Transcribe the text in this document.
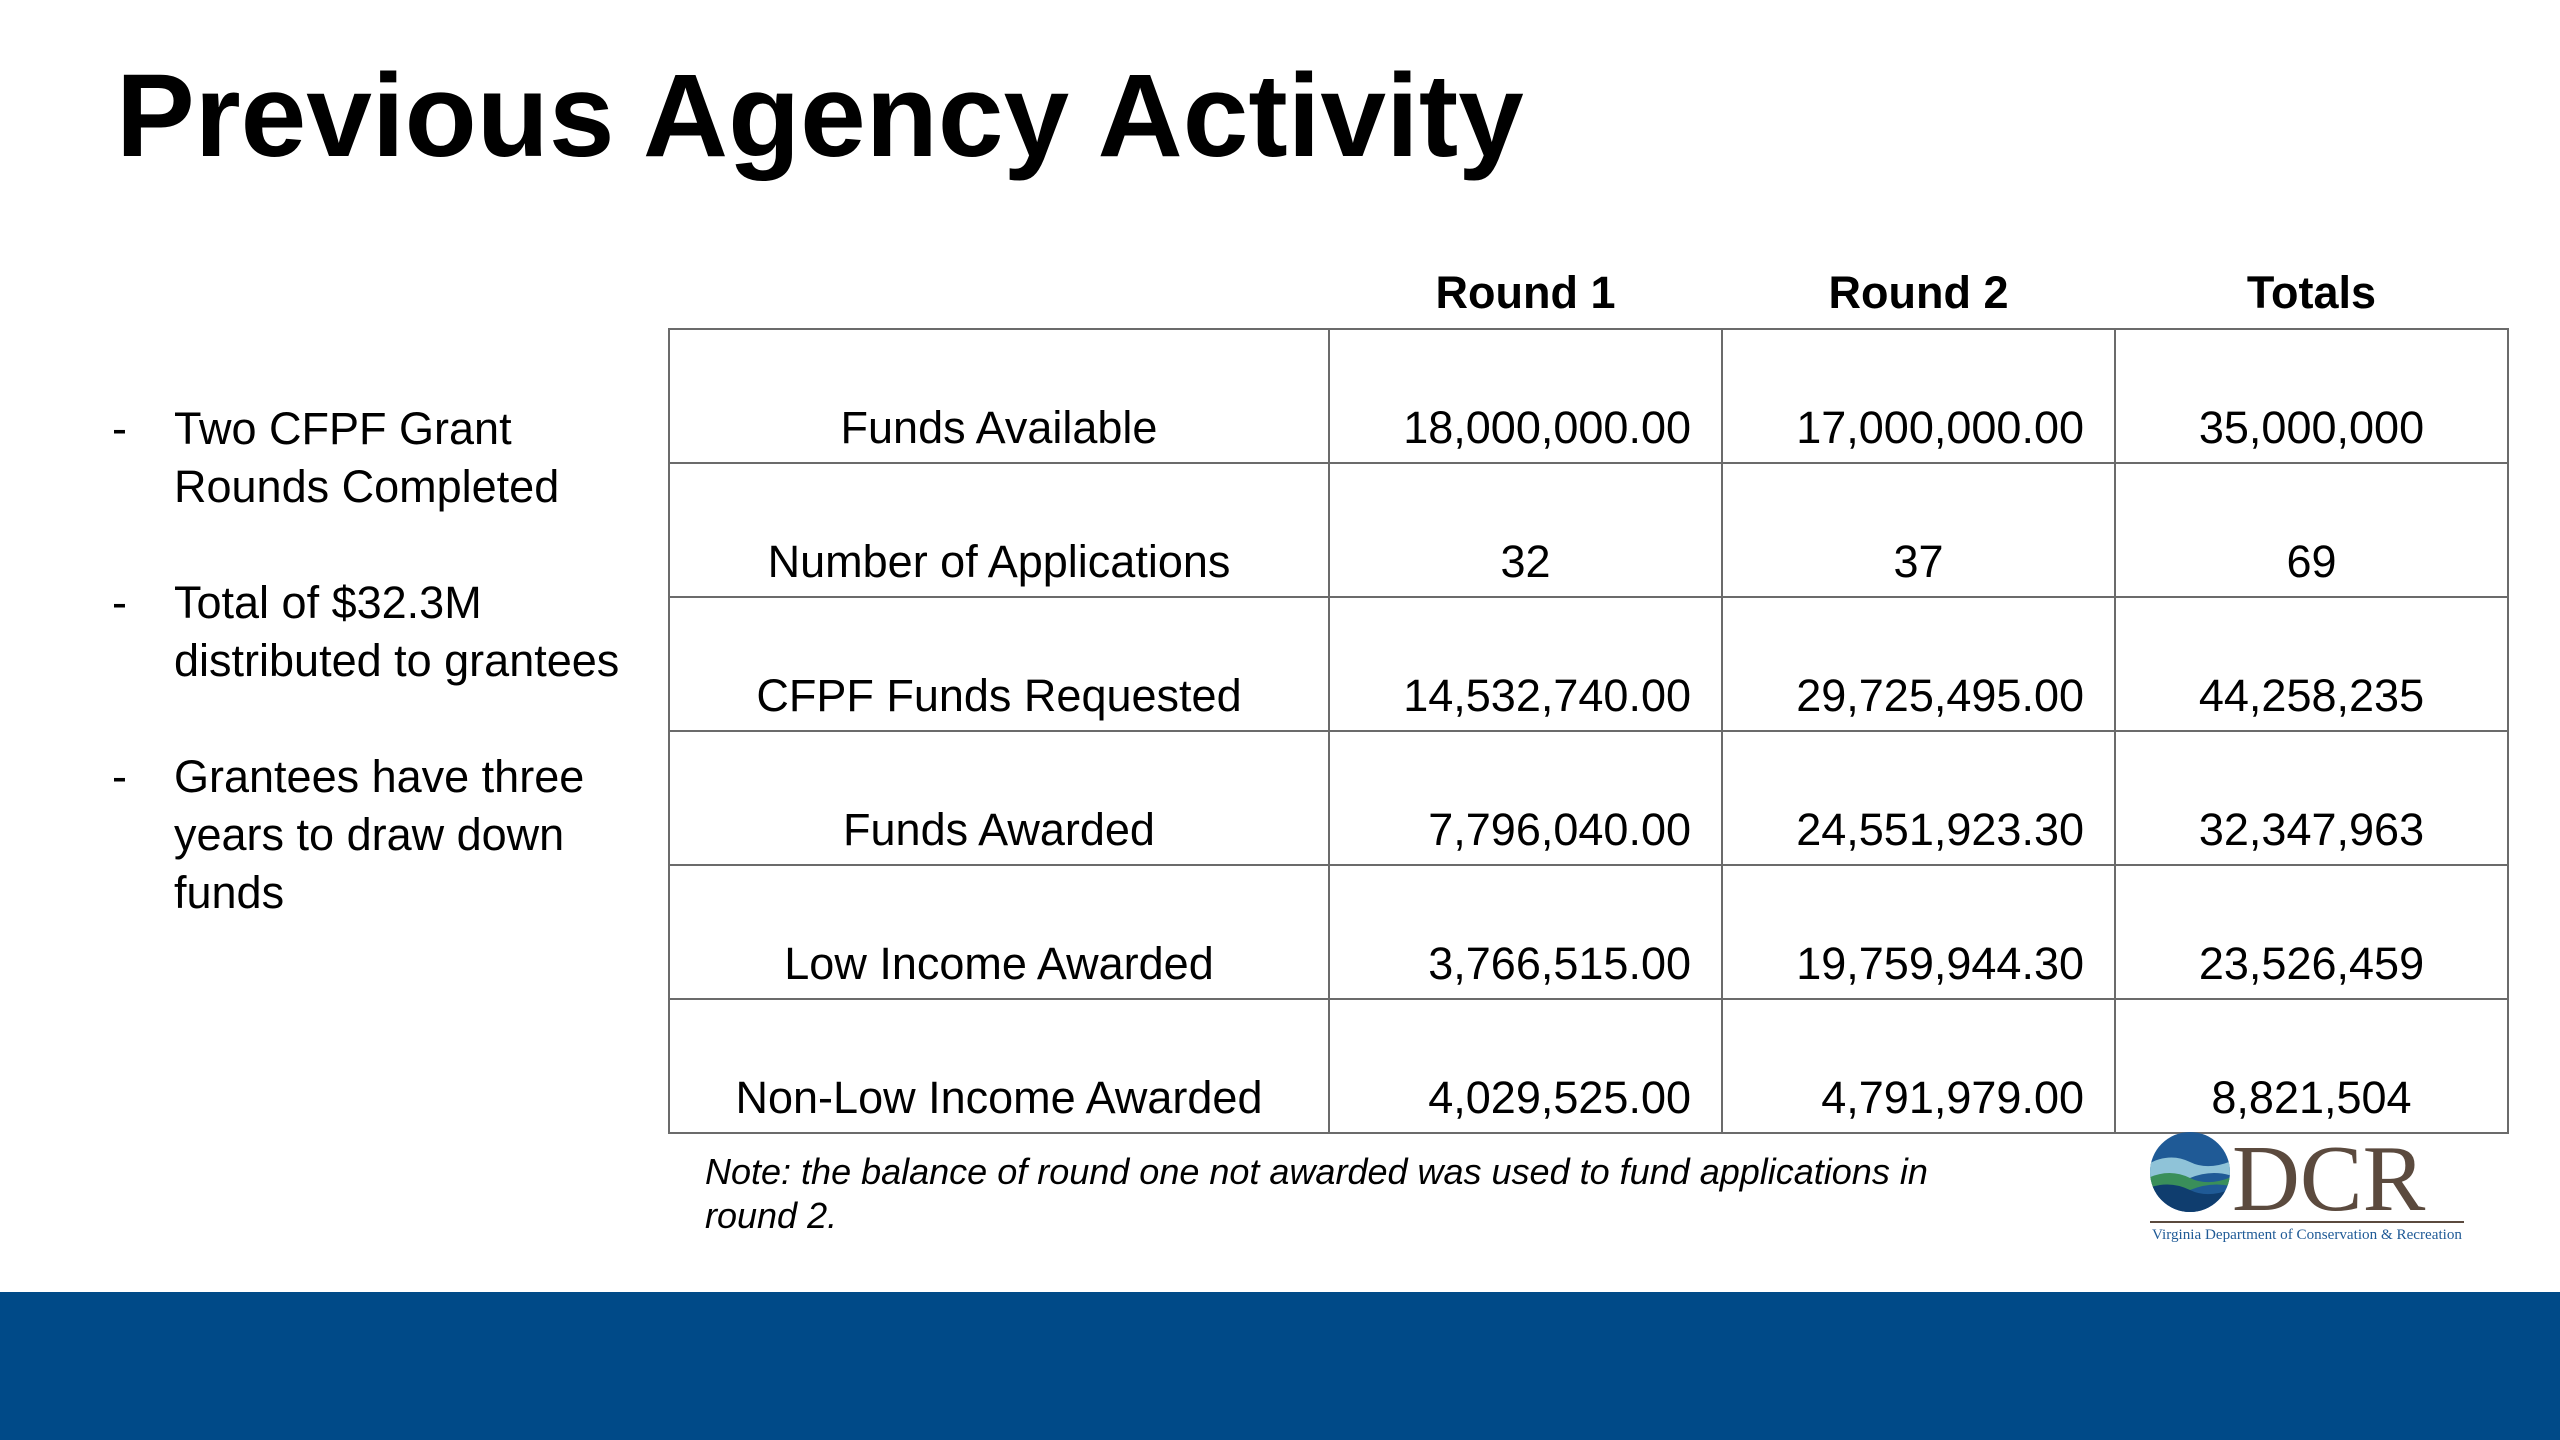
Previous Agency Activity
- Two CFPF Grant Rounds Completed
- Total of $32.3M distributed to grantees
- Grantees have three years to draw down funds
	Round 1	Round 2	Totals
Funds Available	18,000,000.00	17,000,000.00	35,000,000
Number of Applications	32	37	69
CFPF Funds Requested	14,532,740.00	29,725,495.00	44,258,235
Funds Awarded	7,796,040.00	24,551,923.30	32,347,963
Low Income Awarded	3,766,515.00	19,759,944.30	23,526,459
Non-Low Income Awarded	4,029,525.00	4,791,979.00	8,821,504
Note: the balance of round one not awarded was used to fund applications in round 2.	DCR
Virginia Department of Conservation & Recreation
